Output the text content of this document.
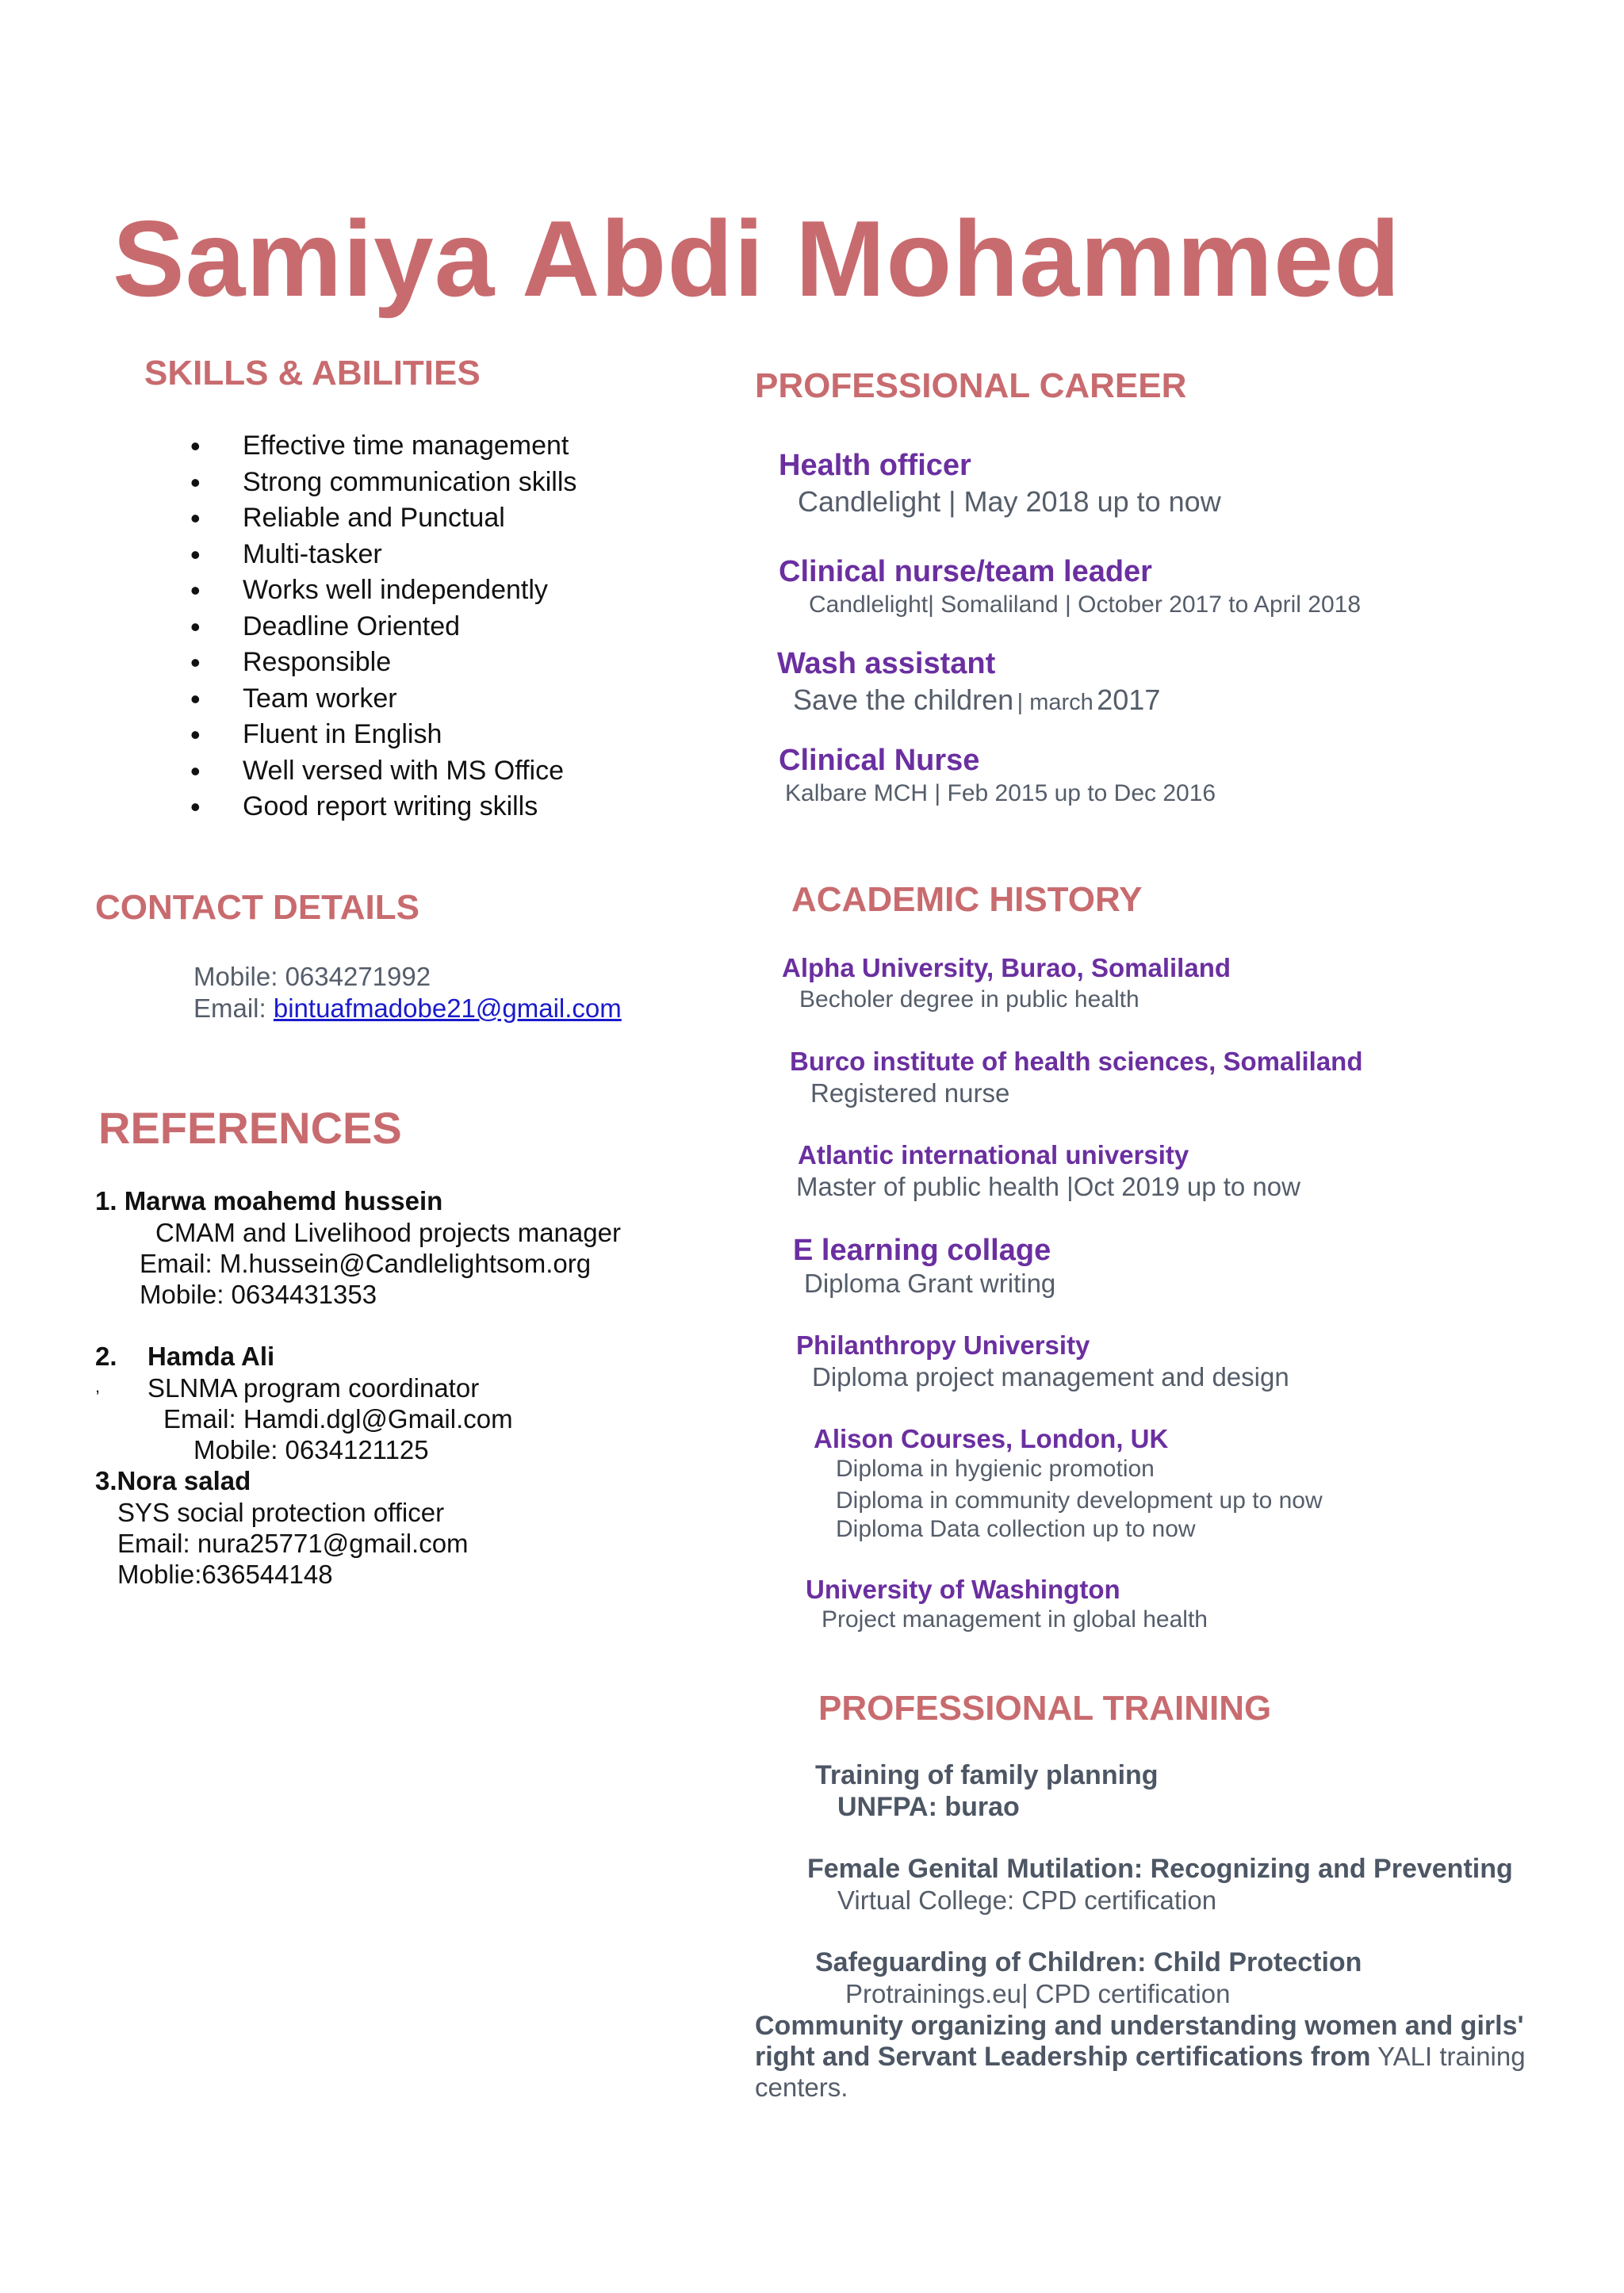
Samiya Abdi Mohammed
SKILLS & ABILITIES
• Effective time management
• Strong communication skills
• Reliable and Punctual
• Multi-tasker
• Works well independently
• Deadline Oriented
• Responsible
• Team worker
• Fluent in English
• Well versed with MS Office
• Good report writing skills
CONTACT DETAILS
Mobile: 0634271992
Email: bintuafmadobe21@gmail.com
REFERENCES
1. Marwa moahemd hussein
CMAM and Livelihood projects manager
Email: M.hussein@Candlelightsom.org
Mobile: 0634431353
2. Hamda Ali
, SLNMA program coordinator
Email: Hamdi.dgl@Gmail.com
Mobile: 0634121125
3.Nora salad
SYS social protection officer
Email: nura25771@gmail.com
Moblie:636544148
PROFESSIONAL CAREER
Health officer
Candlelight | May 2018 up to now
Clinical nurse/team leader
Candlelight| Somaliland | October 2017 to April 2018
Wash assistant
Save the children | march 2017
Clinical Nurse
Kalbare MCH | Feb 2015 up to Dec 2016
ACADEMIC HISTORY
Alpha University, Burao, Somaliland
Becholer degree in public health
Burco institute of health sciences, Somaliland
Registered nurse
Atlantic international university
Master of public health |Oct 2019 up to now
E learning collage
Diploma Grant writing
Philanthropy University
Diploma project management and design
Alison Courses, London, UK
Diploma in hygienic promotion
Diploma in community development up to now
Diploma Data collection up to now
University of Washington
Project management in global health
PROFESSIONAL TRAINING
Training of family planning
UNFPA: burao
Female Genital Mutilation: Recognizing and Preventing
Virtual College: CPD certification
Safeguarding of Children: Child Protection
Protrainings.eu| CPD certification
Community organizing and understanding women and girls'
right and Servant Leadership certifications from YALI training
centers.
